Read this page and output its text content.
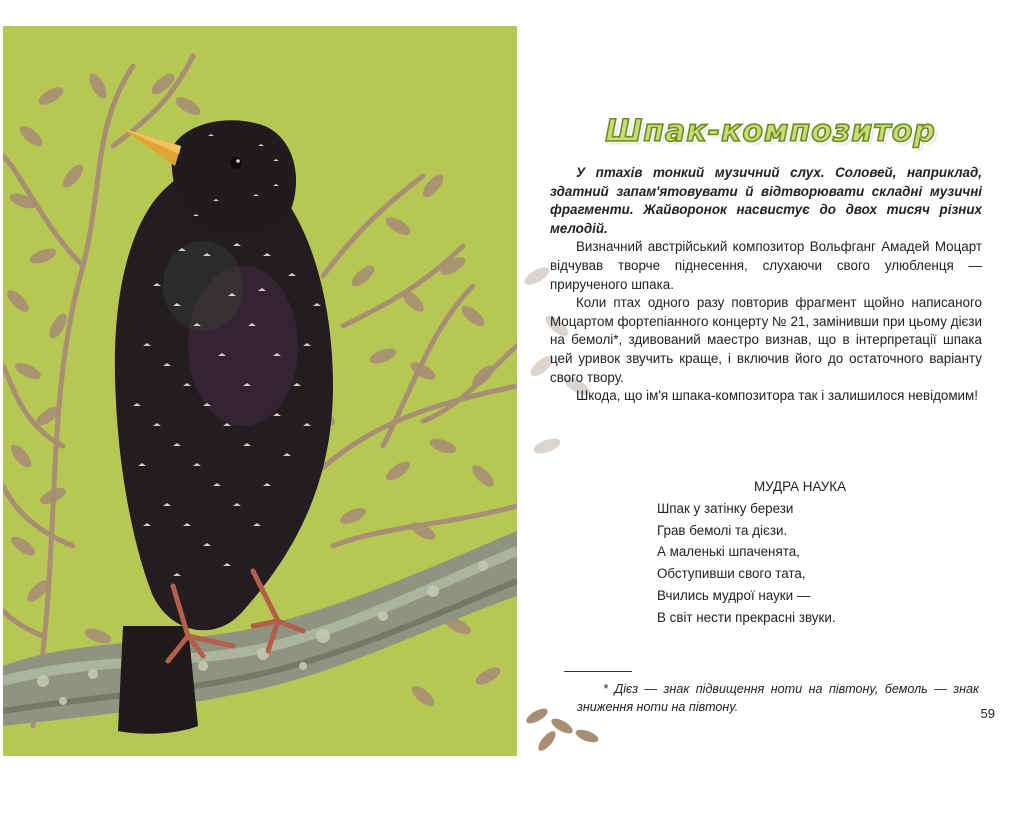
Шпак-композитор

У птахів тонкий музичний слух. Соловей, наприклад, здатний запам'ятовувати й відтворювати складні музичні фрагменти. Жайворонок насвистує до двох тисяч різних мелодій.

Визначний австрійський композитор Вольфганг Амадей Моцарт відчував творче піднесення, слухаючи свого улюбленця — прирученого шпака.

Коли птах одного разу повторив фрагмент щойно написаного Моцартом фортепіанного концерту № 21, замінивши при цьому дієзи на бемолі*, здивований маестро визнав, що в інтерпретації шпака цей уривок звучить краще, і включив його до остаточного варіанту свого твору.

Шкода, що ім'я шпака-композитора так і залишилося невідомим!

МУДРА НАУКА
Шпак у затінку берези
Грав бемолі та дієзи.
А маленькі шпаченята,
Обступивши свого тата,
Вчились мудрої науки —
В світ нести прекрасні звуки.
* Дієз — знак підвищення ноти на півтону, бемоль — знак зниження ноти на півтону.	59
